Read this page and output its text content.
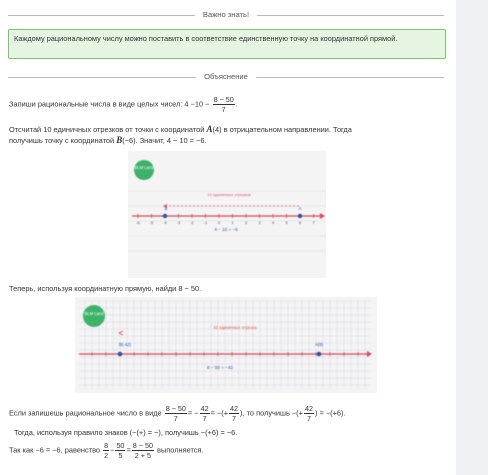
Важно знать!
Каждому рациональному числу можно поставить в соответствие единственную точку на координатной прямой.
Объяснение
Запиши рациональные числа в виде целых чисел: $4 -10 - \frac{8 - 50}{7}$ .
Отсчитай 10 единичных отрезков от точки с координатой A(4) в отрицательном направлении. Тогда
получишь точку с координатой B(−6). Значит, 4 − 10 = −6.
BLM Land
10 единичных отрезков
-6	-5	-4	-3	-2	-1	0	1	2	3	4	5	6	7
B	A
4 − 10 = −6
Теперь, используя координатную прямую, найди 8 − 50.
BLM Land
42 единичных отрезка
B(-42)	A(8)
8 − 50 = −42
Если запишешь рациональное число в виде $\frac{8 - 50}{7}$ = − $\frac{42}{7}$ = −(+ $\frac{42}{7}$ ), то получишь −(+ $\frac{42}{7}$ ) = −(+6).
Тогда, используя правило знаков (−(+) = −), получишь −(+6) = −6.
Так как −6 = −6, равенство $\frac{8}{2} - \frac{50}{5} = \frac{8 - 50}{2 + 5}$ выполняется.
